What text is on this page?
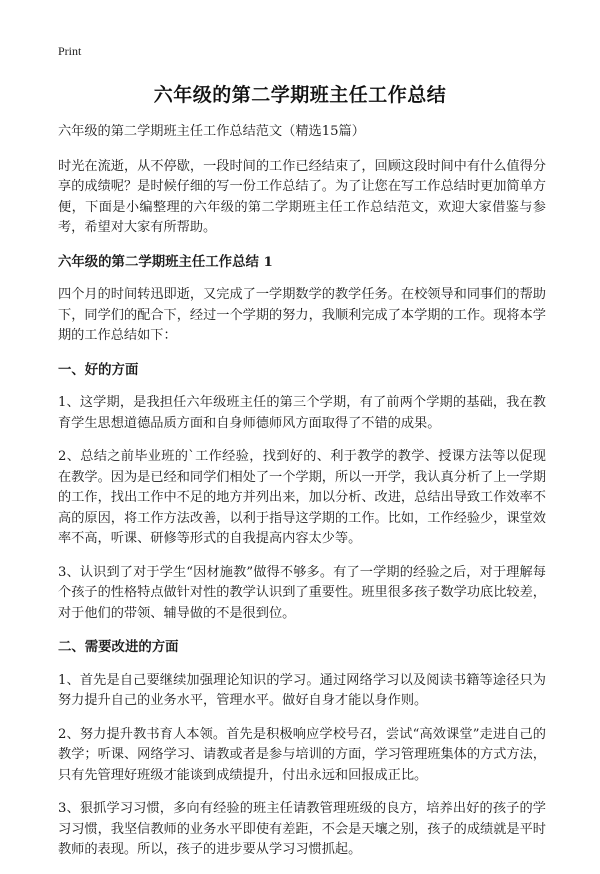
Print
六年级的第二学期班主任工作总结

六年级的第二学期班主任工作总结范文（精选15篇）

时光在流逝，从不停歇，一段时间的工作已经结束了，回顾这段时间中有什么值得分享的成绩呢？是时候仔细的写一份工作总结了。为了让您在写工作总结时更加简单方便，下面是小编整理的六年级的第二学期班主任工作总结范文，欢迎大家借鉴与参考，希望对大家有所帮助。

六年级的第二学期班主任工作总结 1

四个月的时间转迅即逝，又完成了一学期数学的教学任务。在校领导和同事们的帮助下，同学们的配合下，经过一个学期的努力，我顺利完成了本学期的工作。现将本学期的工作总结如下：

一、好的方面

1、这学期，是我担任六年级班主任的第三个学期，有了前两个学期的基础，我在教育学生思想道德品质方面和自身师德师风方面取得了不错的成果。

2、总结之前毕业班的`工作经验，找到好的、利于教学的教学、授课方法等以促现在教学。因为是已经和同学们相处了一个学期，所以一开学，我认真分析了上一学期的工作，找出工作中不足的地方并列出来，加以分析、改进，总结出导致工作效率不高的原因，将工作方法改善，以利于指导这学期的工作。比如，工作经验少，课堂效率不高，听课、研修等形式的自我提高内容太少等。

3、认识到了对于学生“因材施教”做得不够多。有了一学期的经验之后，对于理解每个孩子的性格特点做针对性的教学认识到了重要性。班里很多孩子数学功底比较差，对于他们的带领、辅导做的不是很到位。

二、需要改进的方面

1、首先是自己要继续加强理论知识的学习。通过网络学习以及阅读书籍等途径只为努力提升自己的业务水平，管理水平。做好自身才能以身作则。

2、努力提升教书育人本领。首先是积极响应学校号召，尝试“高效课堂”走进自己的教学；听课、网络学习、请教或者是参与培训的方面，学习管理班集体的方式方法，只有先管理好班级才能谈到成绩提升，付出永远和回报成正比。

3、狠抓学习习惯，多向有经验的班主任请教管理班级的良方，培养出好的孩子的学习习惯，我坚信教师的业务水平即使有差距，不会是天壤之别，孩子的成绩就是平时教师的表现。所以，孩子的进步要从学习习惯抓起。
